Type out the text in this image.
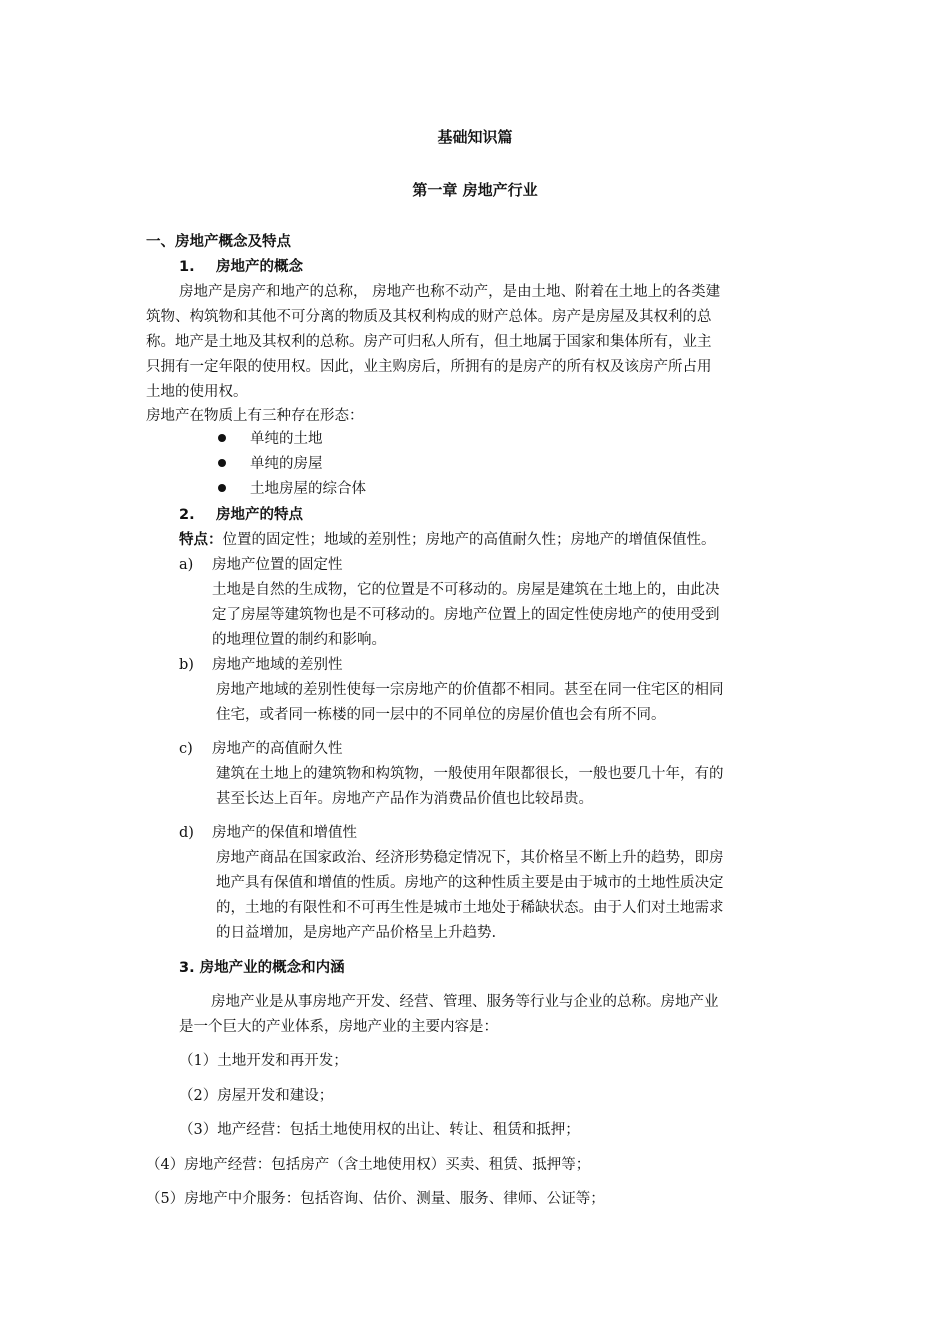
基础知识篇
第一章 房地产行业
一、房地产概念及特点
1. 房地产的概念
房地产是房产和地产的总称， 房地产也称不动产，是由土地、附着在土地上的各类建
筑物、构筑物和其他不可分离的物质及其权利构成的财产总体。房产是房屋及其权利的总
称。地产是土地及其权利的总称。房产可归私人所有，但土地属于国家和集体所有，业主
只拥有一定年限的使用权。因此，业主购房后，所拥有的是房产的所有权及该房产所占用
土地的使用权。
房地产在物质上有三种存在形态：
单纯的土地
单纯的房屋
土地房屋的综合体
2. 房地产的特点
特点：位置的固定性；地域的差别性；房地产的高值耐久性；房地产的增值保值性。
a) 房地产位置的固定性
土地是自然的生成物，它的位置是不可移动的。房屋是建筑在土地上的，由此决
定了房屋等建筑物也是不可移动的。房地产位置上的固定性使房地产的使用受到
的地理位置的制约和影响。
b) 房地产地域的差别性
房地产地域的差别性使每一宗房地产的价值都不相同。甚至在同一住宅区的相同
住宅，或者同一栋楼的同一层中的不同单位的房屋价值也会有所不同。
c) 房地产的高值耐久性
建筑在土地上的建筑物和构筑物，一般使用年限都很长，一般也要几十年，有的
甚至长达上百年。房地产产品作为消费品价值也比较昂贵。
d) 房地产的保值和增值性
房地产商品在国家政治、经济形势稳定情况下，其价格呈不断上升的趋势，即房
地产具有保值和增值的性质。房地产的这种性质主要是由于城市的土地性质决定
的，土地的有限性和不可再生性是城市土地处于稀缺状态。由于人们对土地需求
的日益增加，是房地产产品价格呈上升趋势.
3. 房地产业的概念和内涵
房地产业是从事房地产开发、经营、管理、服务等行业与企业的总称。房地产业
是一个巨大的产业体系，房地产业的主要内容是：
（1）土地开发和再开发；
（2）房屋开发和建设；
（3）地产经营：包括土地使用权的出让、转让、租赁和抵押；
（4）房地产经营：包括房产（含土地使用权）买卖、租赁、抵押等；
（5）房地产中介服务：包括咨询、估价、测量、服务、律师、公证等；
